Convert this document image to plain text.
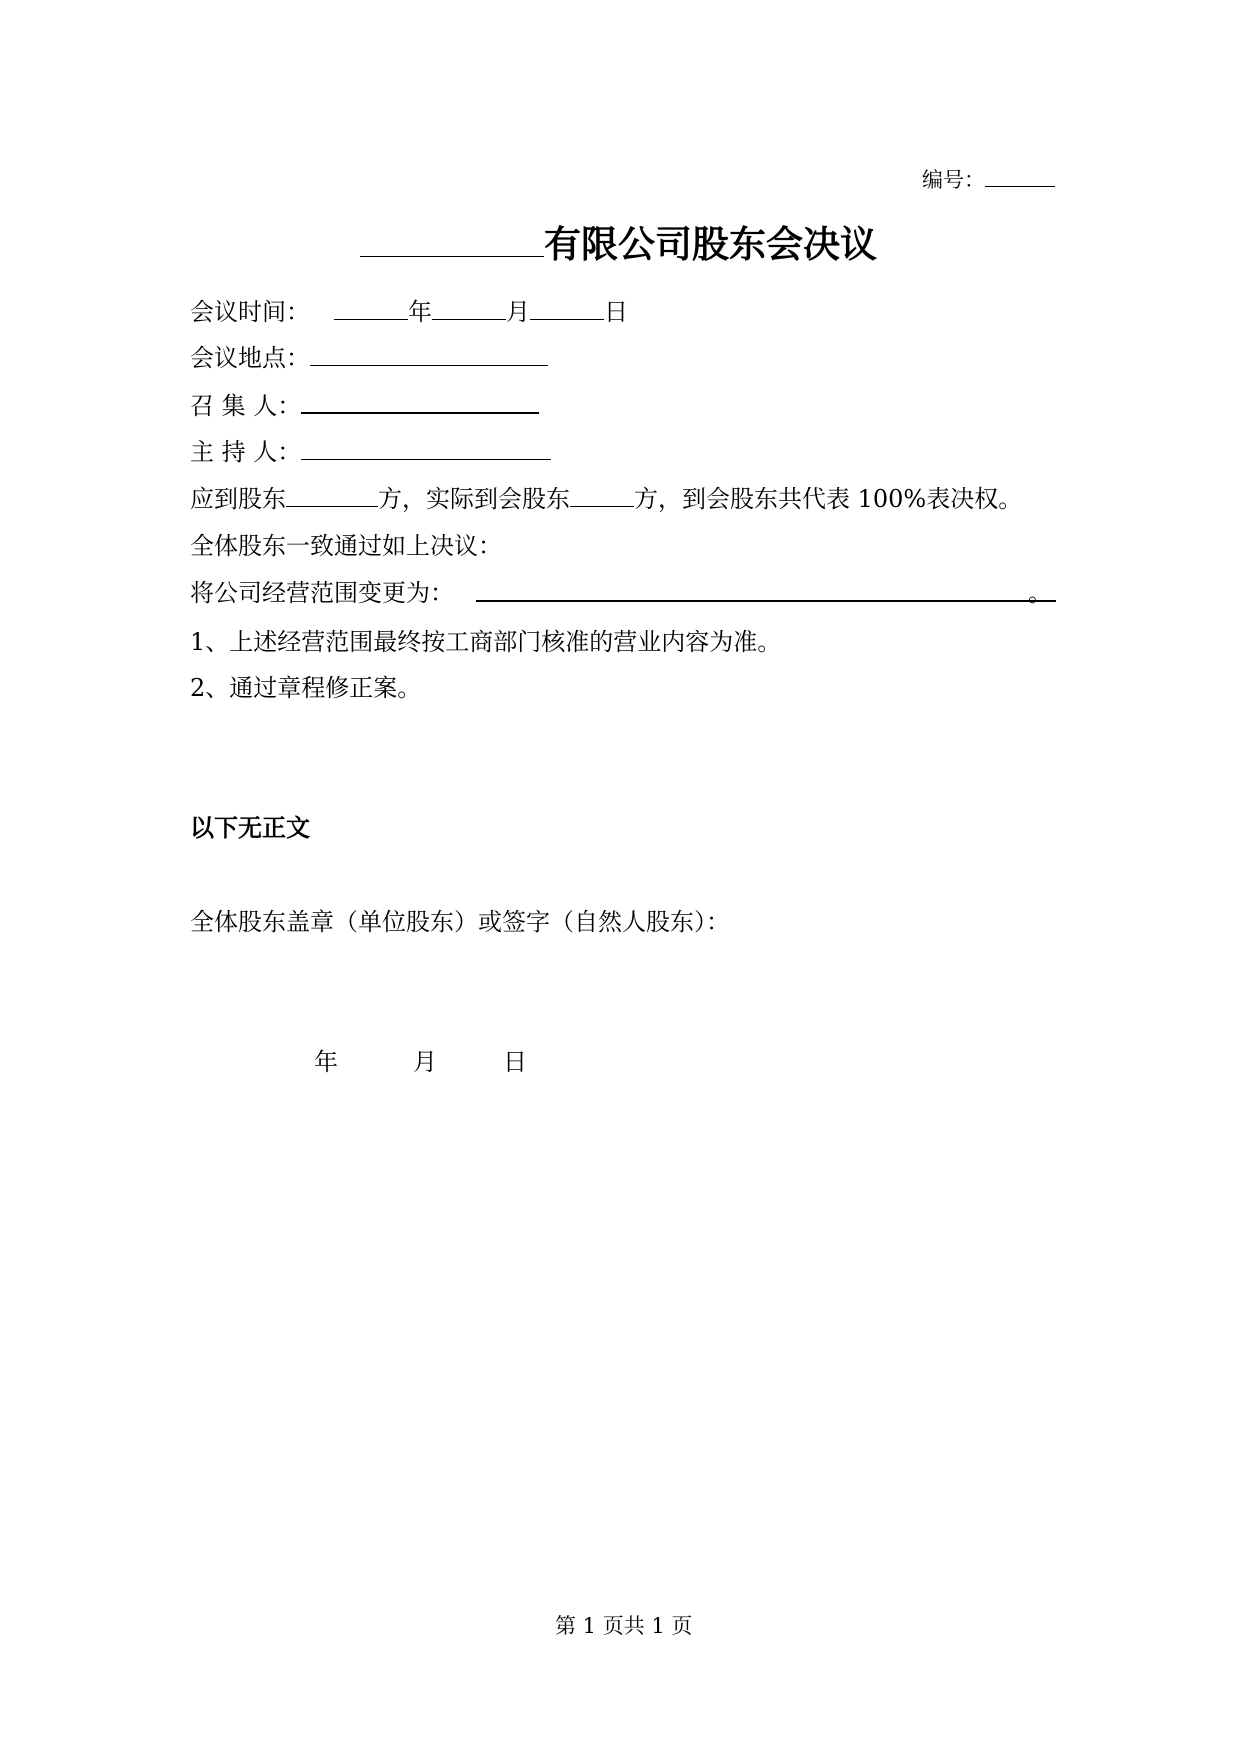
编号：
有限公司股东会决议
会议时间：	年	月	日
会议地点：
召 集 人：
主 持 人：
应到股东	方，实际到会股东	方，到会股东共代表 100%表决权。
全体股东一致通过如上决议：
将公司经营范围变更为：	。
1、上述经营范围最终按工商部门核准的营业内容为准。
2、通过章程修正案。
以下无正文
全体股东盖章（单位股东）或签字（自然人股东）：
年	月	日
第 1 页共 1 页
